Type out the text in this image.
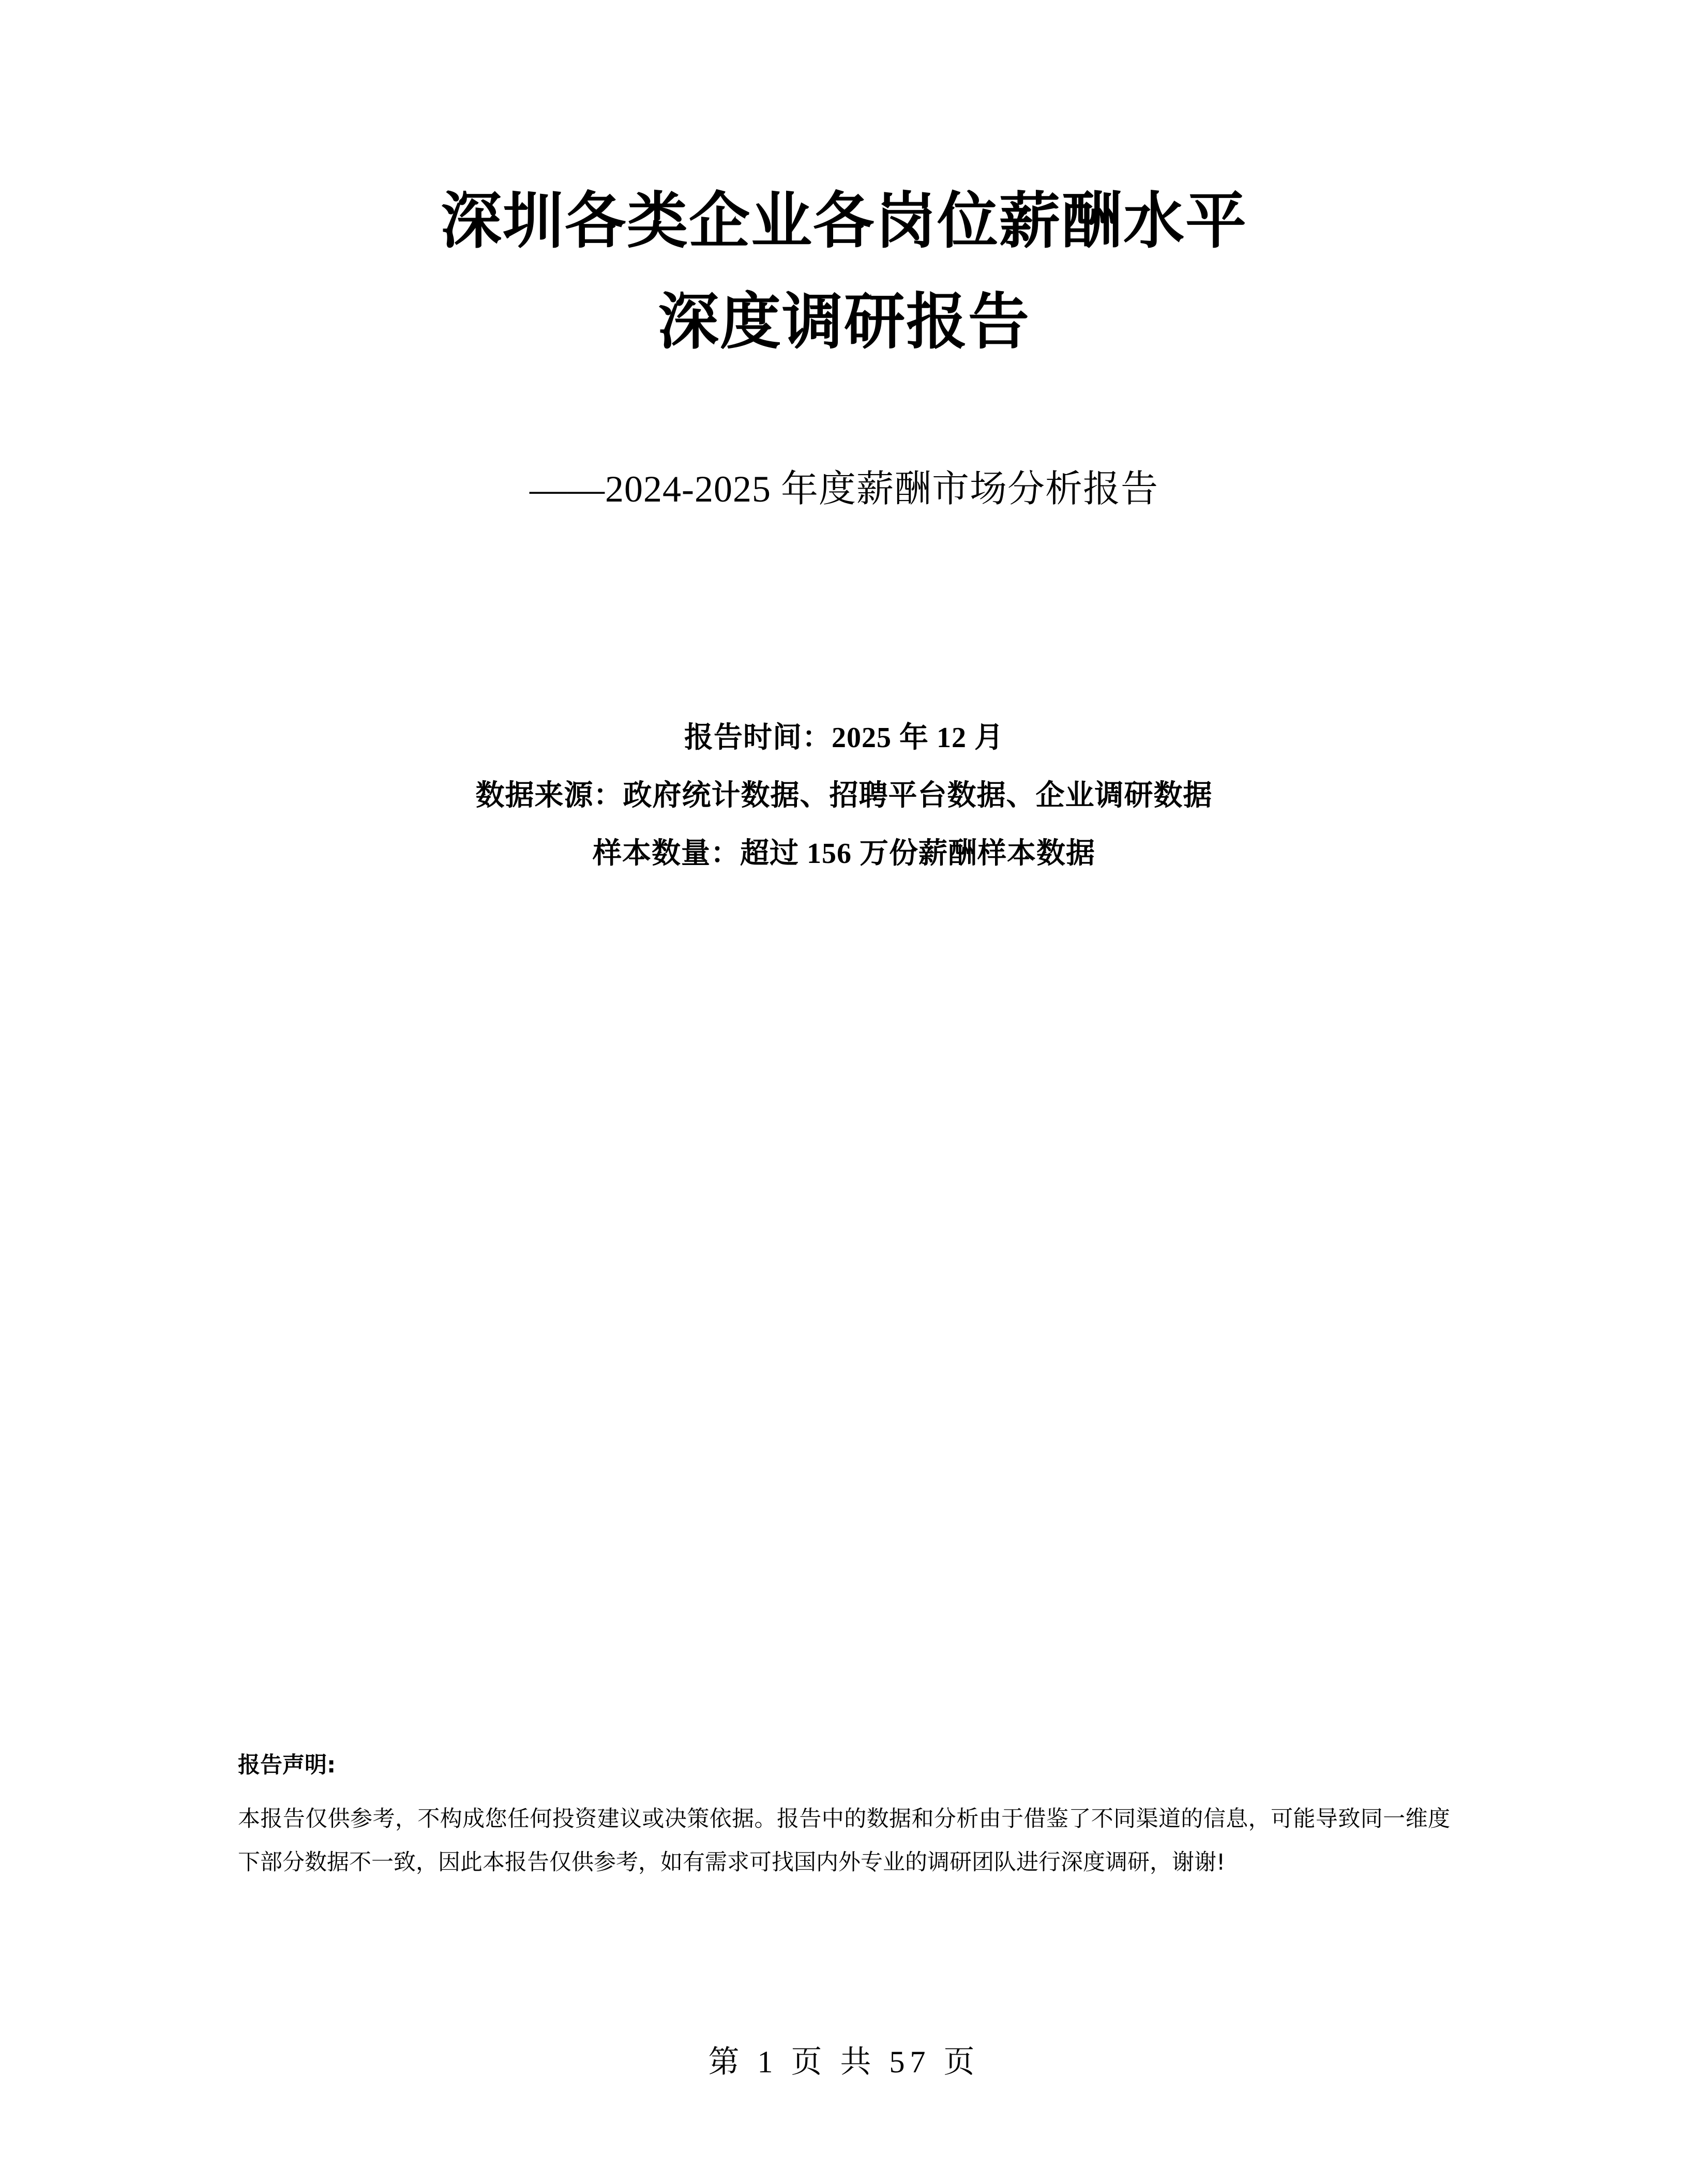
深圳各类企业各岗位薪酬水平
深度调研报告
——2024-2025 年度薪酬市场分析报告
报告时间：2025 年 12 月
数据来源：政府统计数据、招聘平台数据、企业调研数据
样本数量：超过 156 万份薪酬样本数据
报告声明:
本报告仅供参考，不构成您任何投资建议或决策依据。报告中的数据和分析由于借鉴了不同渠道的信息，可能导致同一维度下部分数据不一致，因此本报告仅供参考，如有需求可找国内外专业的调研团队进行深度调研，谢谢!
第 1 页 共 57 页
